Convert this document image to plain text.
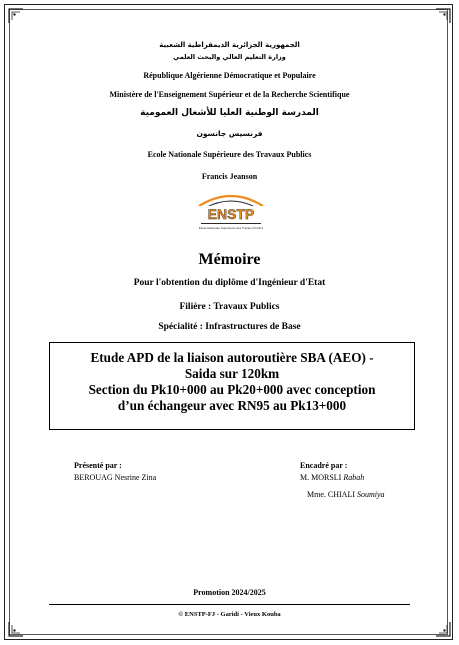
الجمهورية الجزائرية الديمقراطية الشعبية
وزارة التعليم العالي والبحث العلمي
République Algérienne Démocratique et Populaire
Ministère de l'Enseignement Supérieur et de la Recherche Scientifique
المدرسة الوطنية العليا للأشغال العمومية
فرنسيس جانسون
Ecole Nationale Supérieure des Travaux Publics
Francis Jeanson
ENSTP
École Nationale Supérieure des Travaux Publics
Mémoire
Pour l'obtention du diplôme d'Ingénieur d'Etat
Filière : Travaux Publics
Spécialité : Infrastructures de Base
Etude APD de la liaison autoroutière SBA (AEO) -
Saida sur 120km
Section du Pk10+000 au Pk20+000 avec conception
d’un échangeur avec RN95 au Pk13+000
Présenté par :
BEROUAG Nesrine Zina
Encadré par :
M. MORSLI Rabah
Mme. CHIALI Soumiya
Promotion 2024/2025
© ENSTP-FJ - Garidi - Vieux Kouba
